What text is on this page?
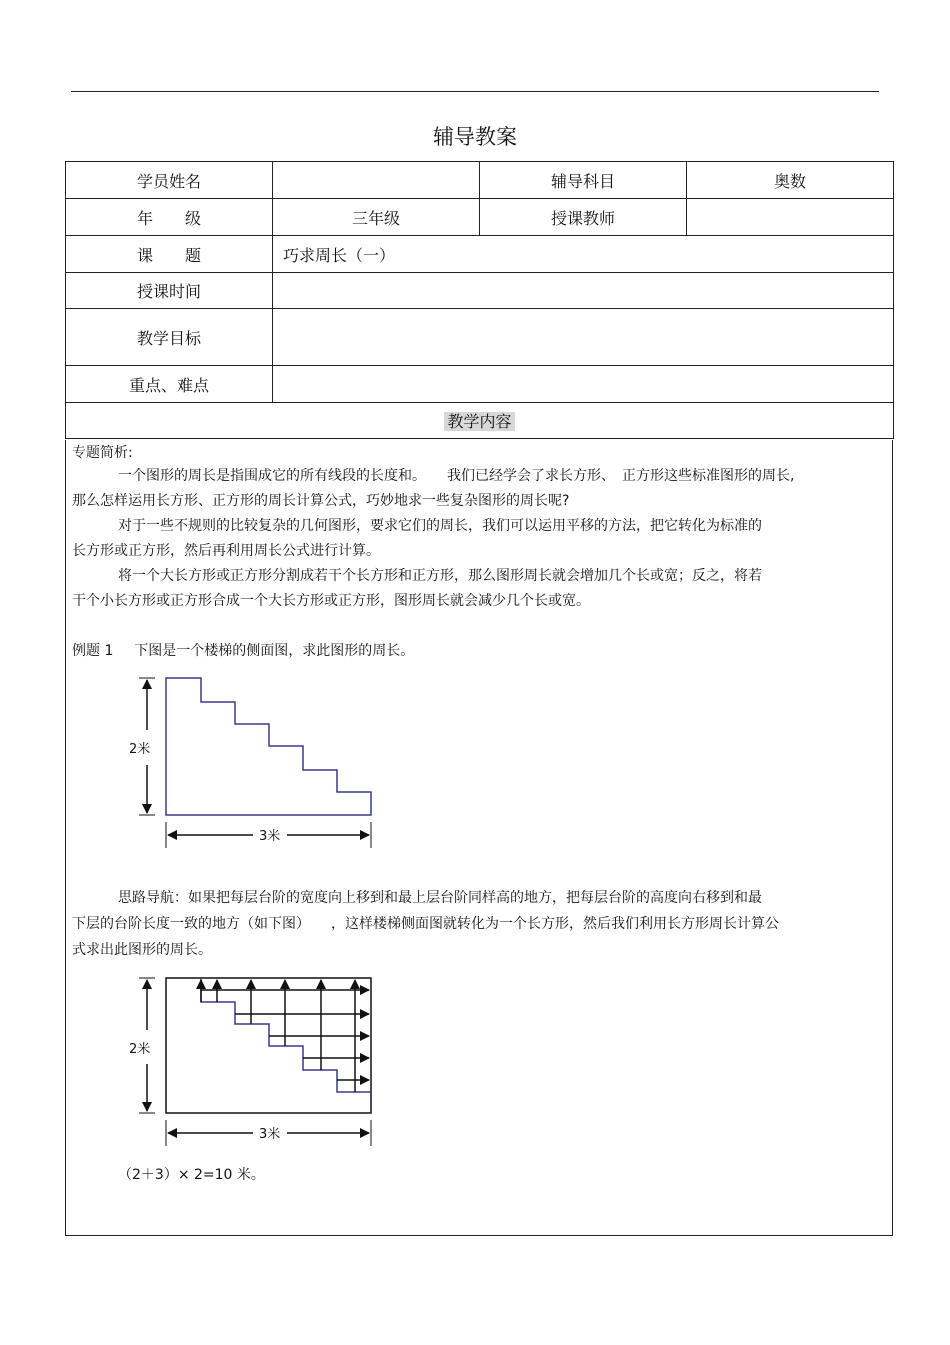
辅导教案
学员姓名		辅导科目	奥数
年　　级	三年级	授课教师	
课　　题	巧求周长（一）		
授课时间			
教学目标			
重点、难点			
教学内容			

专题简析:

一个图形的周长是指围成它的所有线段的长度和。　　我们已经学会了求长方形、　正方形这些标准图形的周长,

那么怎样运用长方形、正方形的周长计算公式，巧妙地求一些复杂图形的周长呢?

对于一些不规则的比较复杂的几何图形，要求它们的周长，我们可以运用平移的方法，把它转化为标准的

长方形或正方形，然后再利用周长公式进行计算。

将一个大长方形或正方形分割成若干个长方形和正方形，那么图形周长就会增加几个长或宽；反之，将若

干个小长方形或正方形合成一个大长方形或正方形，图形周长就会减少几个长或宽。

例题 1 下图是一个楼梯的侧面图，求此图形的周长。

2米
3米

思路导航：如果把每层台阶的宽度向上移到和最上层台阶同样高的地方，把每层台阶的高度向右移到和最

下层的台阶长度一致的地方（如下图）　　，这样楼梯侧面图就转化为一个长方形，然后我们利用长方形周长计算公

式求出此图形的周长。

2米
3米
（2＋3）× 2=10 米。
